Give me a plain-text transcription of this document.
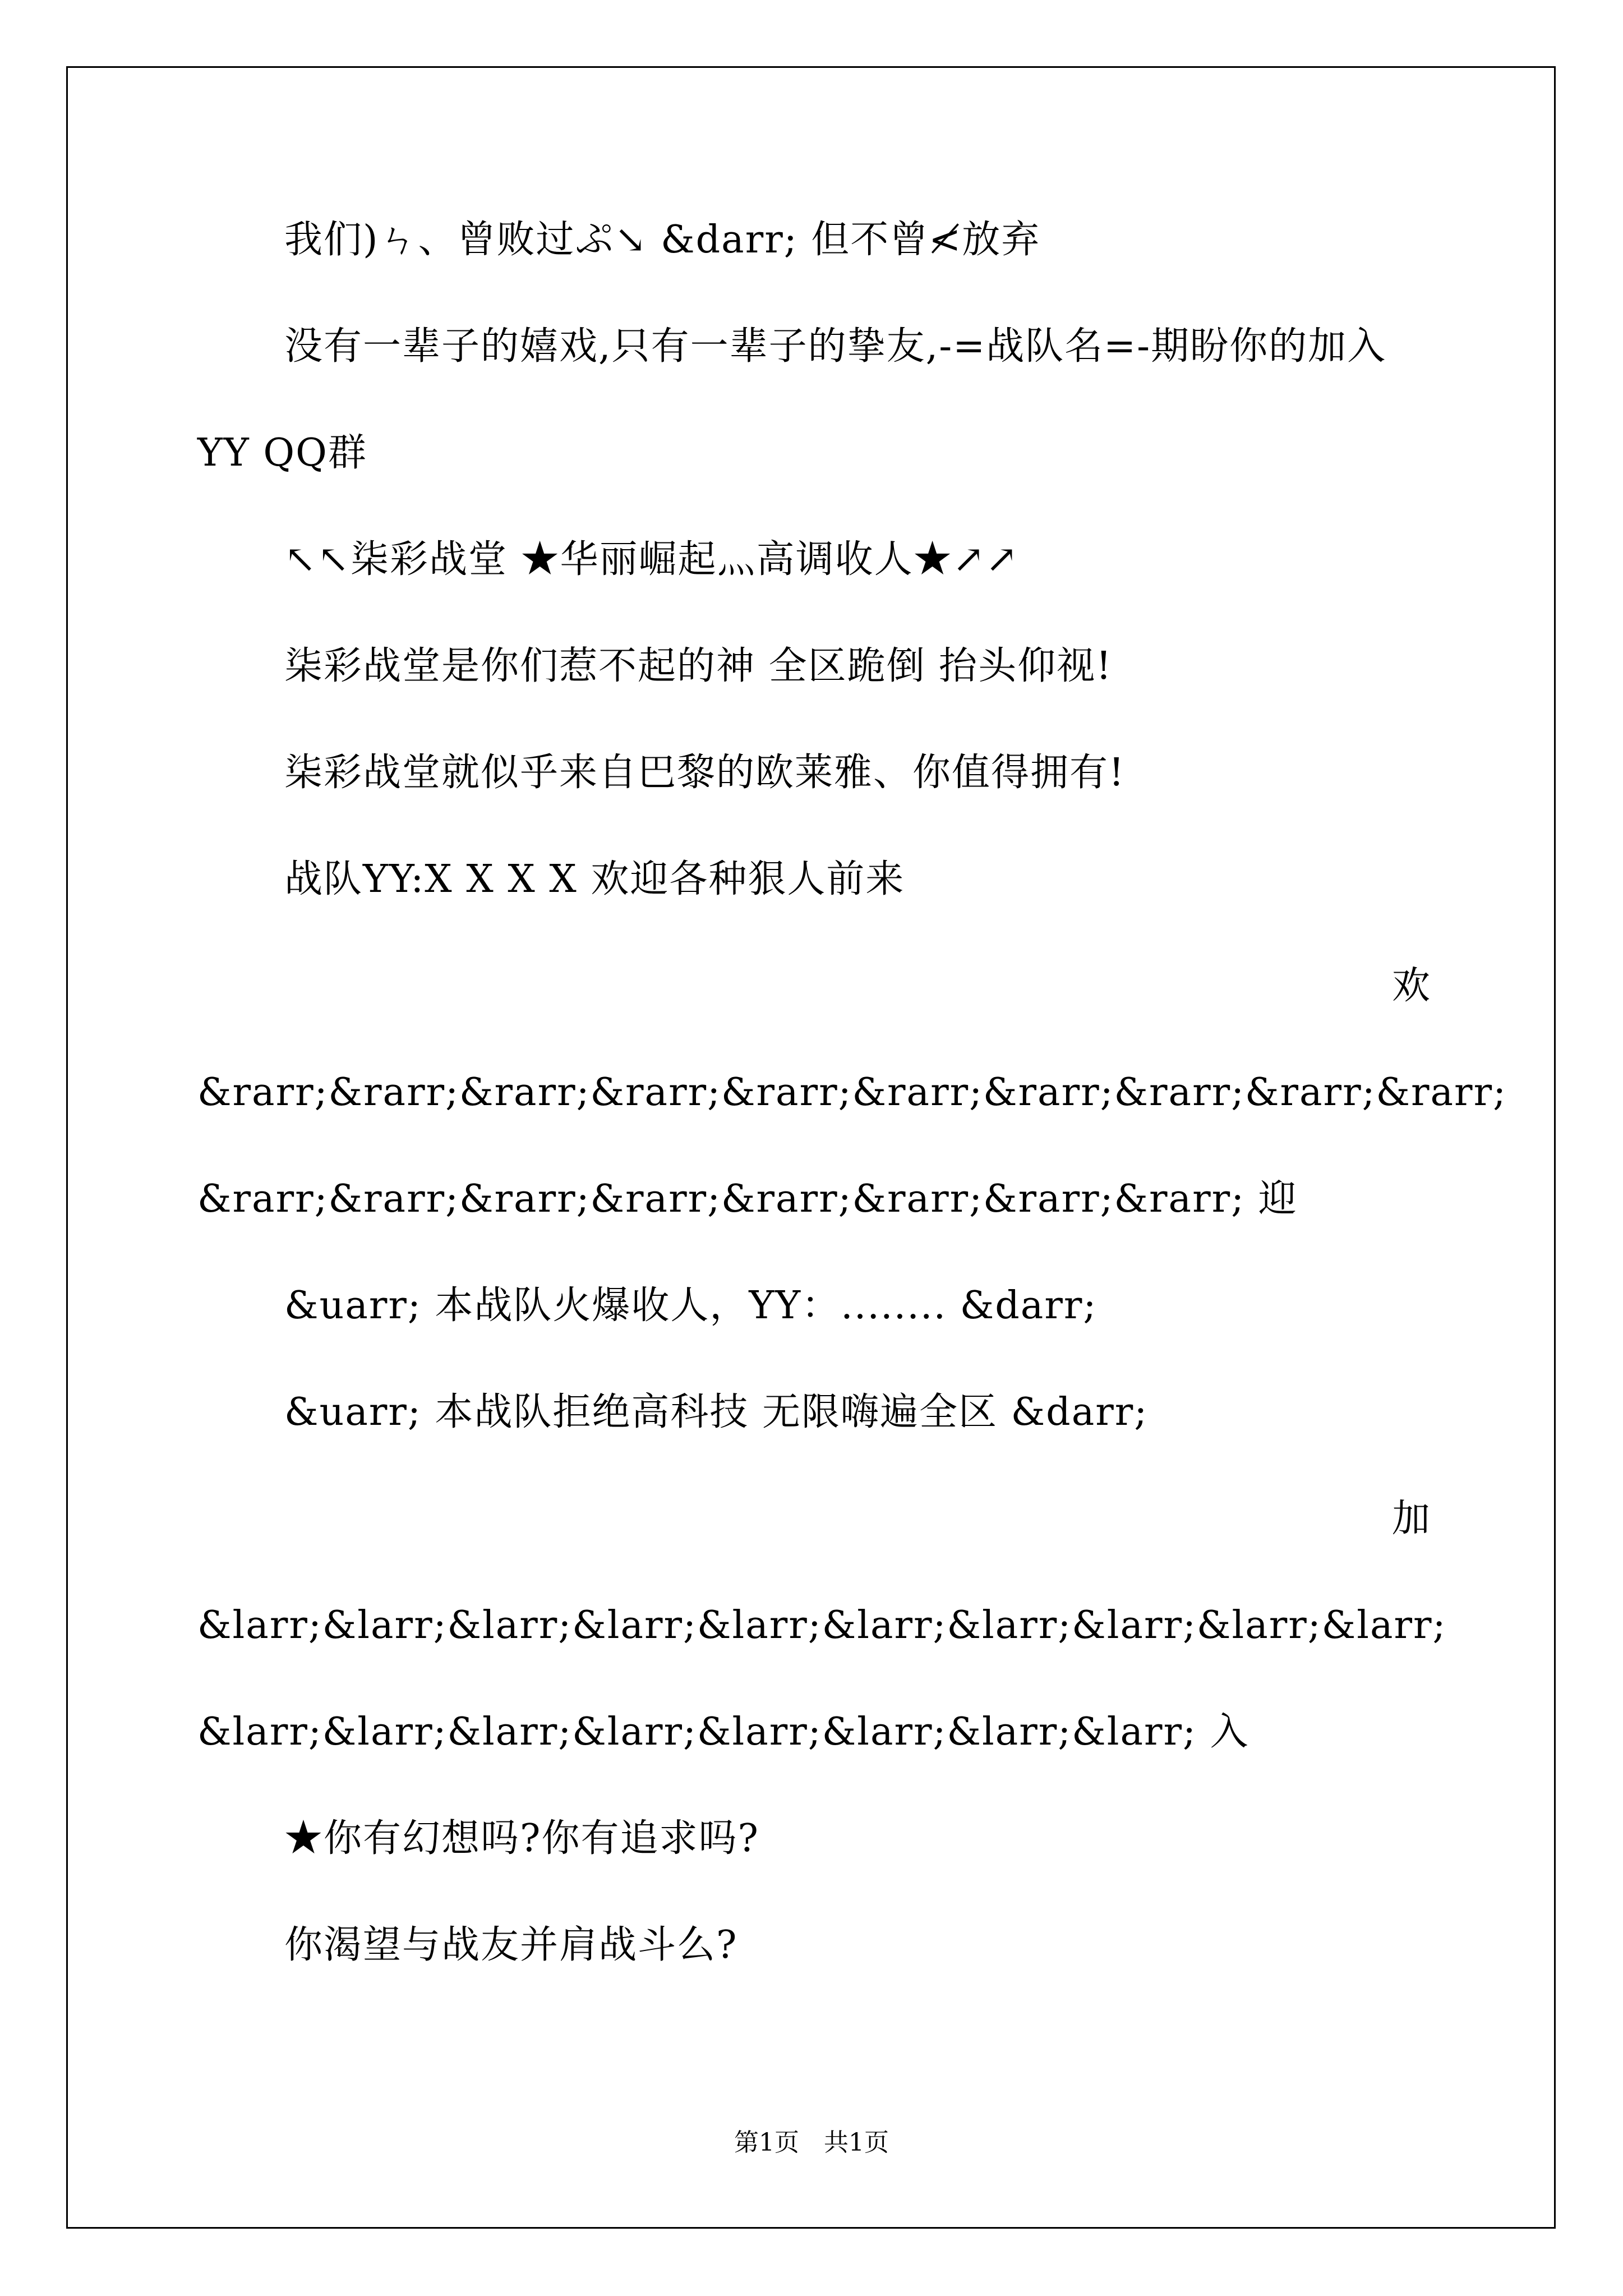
我们)ㄣ、曾败过ぷ↘ &darr; 但不曾≮放弃
没有一辈子的嬉戏,只有一辈子的挚友,-=战队名=-期盼你的加入
YY QQ群
↖↖柒彩战堂 ★华丽崛起灬高调收人★↗↗
柒彩战堂是你们惹不起的神 全区跪倒 抬头仰视!
柒彩战堂就似乎来自巴黎的欧莱雅、你值得拥有!
战队YY:X X X X 欢迎各种狠人前来
欢
&rarr;&rarr;&rarr;&rarr;&rarr;&rarr;&rarr;&rarr;&rarr;&rarr;
&rarr;&rarr;&rarr;&rarr;&rarr;&rarr;&rarr;&rarr; 迎
&uarr; 本战队火爆收人，YY：........ &darr;
&uarr; 本战队拒绝高科技 无限嗨遍全区 &darr;
加
&larr;&larr;&larr;&larr;&larr;&larr;&larr;&larr;&larr;&larr;
&larr;&larr;&larr;&larr;&larr;&larr;&larr;&larr; 入
★你有幻想吗?你有追求吗?
你渴望与战友并肩战斗么?
第1页　共1页
